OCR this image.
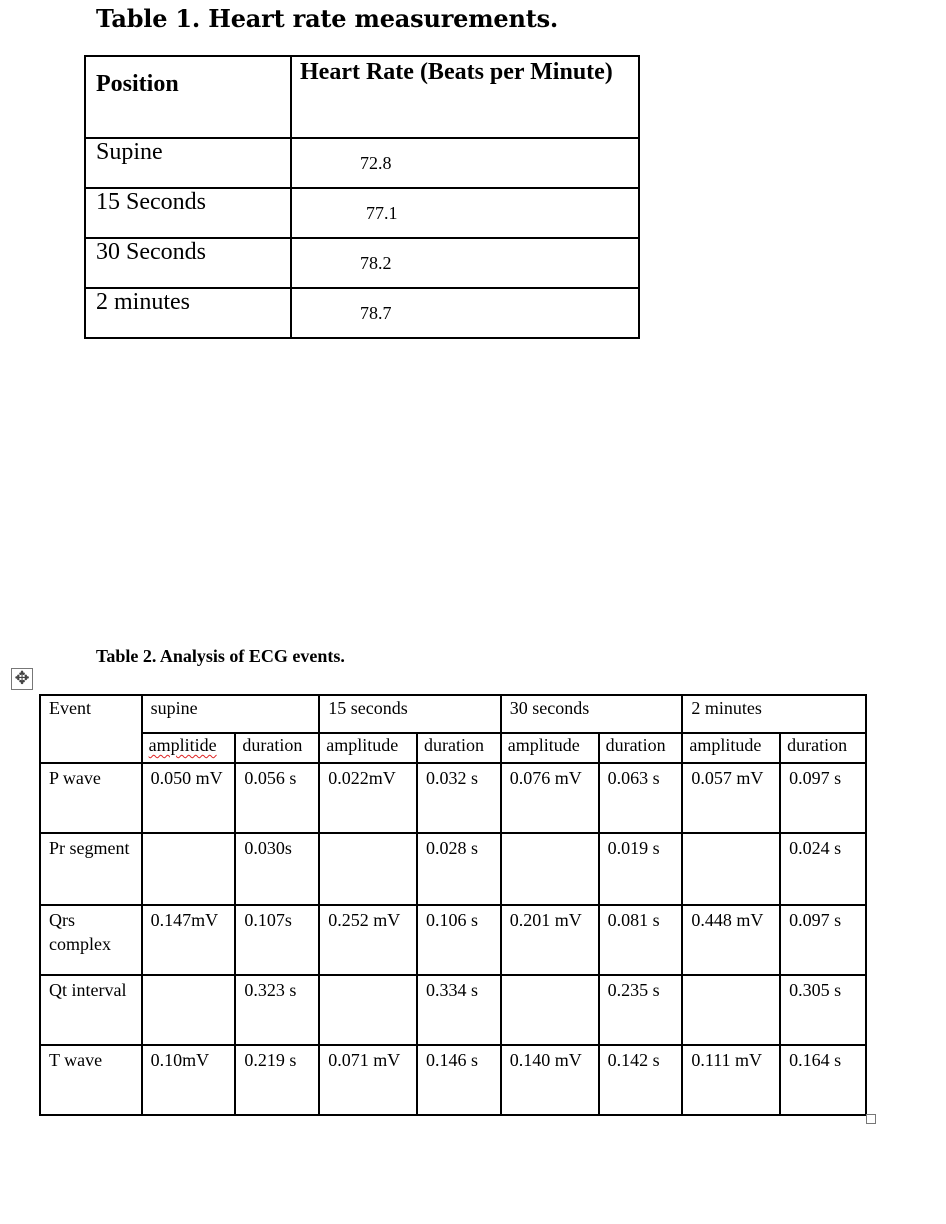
Table 1. Heart rate measurements.
Position	Heart Rate (Beats per Minute)
Supine	72.8
15 Seconds	77.1
30 Seconds	78.2
2 minutes	78.7

Table 2. Analysis of ECG events.

✥
Event	supine		15 seconds		30 seconds		2 minutes	

	amplitide	duration	amplitude	duration	amplitude	duration	amplitude	duration

P wave	0.050 mV	0.056 s	0.022mV	0.032 s	0.076 mV	0.063 s	0.057 mV	0.097 s
Pr segment		0.030s		0.028 s		0.019 s		0.024 s
Qrs complex	0.147mV	0.107s	0.252 mV	0.106 s	0.201 mV	0.081 s	0.448 mV	0.097 s
Qt interval		0.323 s		0.334 s		0.235 s		0.305 s
T wave	0.10mV	0.219 s	0.071 mV	0.146 s	0.140 mV	0.142 s	0.111 mV	0.164 s
